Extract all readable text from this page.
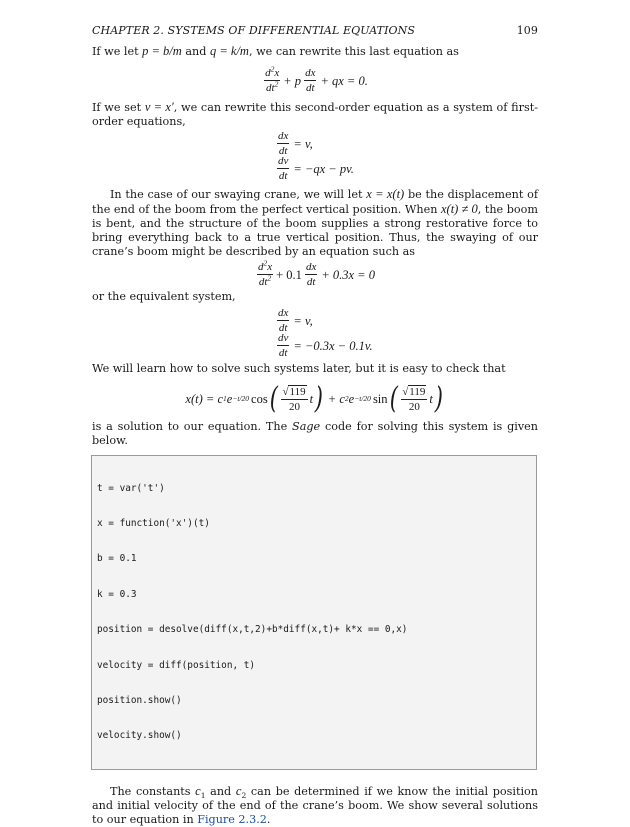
CHAPTER 2. SYSTEMS OF DIFFERENTIAL EQUATIONS	109

If we let p = b/m and q = k/m, we can rewrite this last equation as

$\frac{d^2x}{dt^2} + p \frac{dx}{dt}$ + qx = 0.

If we set v = x′, we can rewrite this second-order equation as a system of first-order equations,

$\frac{dx}{dt} = v$,
$\frac{dv}{dt} = -qx$ − pv.

In the case of our swaying crane, we will let x = x(t) be the displacement of the end of the boom from the perfect vertical position. When x(t) ≠ 0, the boom is bent, and the structure of the boom supplies a strong restorative force to bring everything back to a true vertical position. Thus, the swaying of our crane’s boom might be described by an equation such as

$\frac{d^2x}{dt^2} + 0.1 \frac{dx}{dt} + 0.3x = 0$

or the equivalent system,

$\frac{dx}{dt} = v$,
$\frac{dv}{dt} = -0.3x - 0.1v$.

We will learn how to solve such systems later, but it is easy to check that

x(t) = c 1 e −t/20 cos ( $\frac{√ 119}{20}$ t ) + c 2 e −t/20 sin ( $\frac{√ 119}{20}$ t )

is a solution to our equation. The Sage code for solving this system is given below.

t = var('t')

x = function('x')(t)

b = 0.1

k = 0.3

position = desolve(diff(x,t,2)+b*diff(x,t)+ k*x == 0,x)

velocity = diff(position, t)

position.show()

velocity.show()

The constants $c_1$ and $c_2$ can be determined if we know the initial position and initial velocity of the end of the crane’s boom. We show several solutions to our equation in Figure 2.3.2.
